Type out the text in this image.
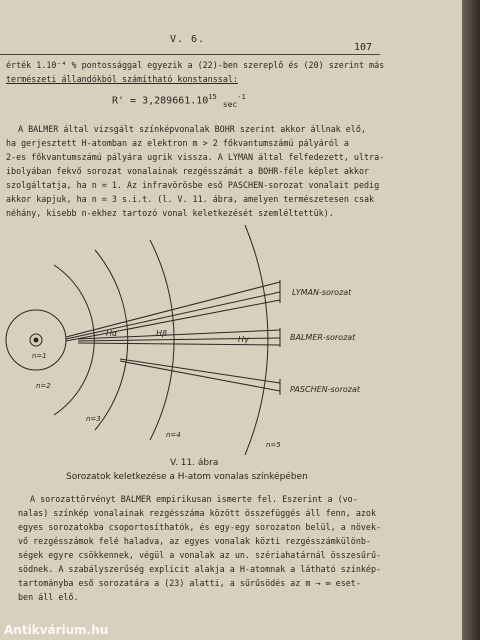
V. 6.
107
érték 1.10⁻⁴ % pontossággal egyezik a (22)-ben szereplő és (20) szerint más
természeti állandókból számítható konstanssal:
$R' = 3,289661.10^{15}$ $_{sec}^{-1}$
A BALMER által vizsgált színképvonalak BOHR szerint akkor állnak elő,
ha gerjesztett H-atomban az elektron m > 2 főkvantumszámú pályáról a
2-es főkvantumszámú pályára ugrik vissza. A LYMAN által felfedezett, ultra-
ibolyában fekvő sorozat vonalainak rezgésszámát a BOHR-féle képlet akkor
szolgáltatja, ha n = 1. Az infravörösbe eső PASCHEN-sorozat vonalait pedig
akkor kapjuk, ha n = 3 s.i.t. (l. V. 11. ábra, amelyen természetesen csak
néhány, kisebb n-ekhez tartozó vonal keletkezését szemléltettük).
LYMAN-sorozat
BALMER-sorozat
PASCHEN-sorozat
Hα	Hβ
Hγ
n=1
n=2
n=3
n=4
n=5
V. 11. ábra
Sorozatok keletkezése a H-atom vonalas színképében
A sorozattörvényt BALMER empirikusan ismerte fel. Eszerint a (vo-
nalas) színkép vonalainak rezgésszáma között összefüggés áll fenn, azok
egyes sorozatokba csoportosíthatók, és egy-egy sorozaton belül, a növek-
vő rezgésszámok felé haladva, az egyes vonalak közti rezgésszámkülönb-
ségek egyre csökkennek, végül a vonalak az un. szériahatárnál összesűrű-
södnek. A szabályszerűség explicit alakja a H-atomnak a látható színkép-
tartományba eső sorozatára a (23) alatti, a sűrűsödés az m → ∞ eset-
ben áll elő.
Antikvárium.hu
